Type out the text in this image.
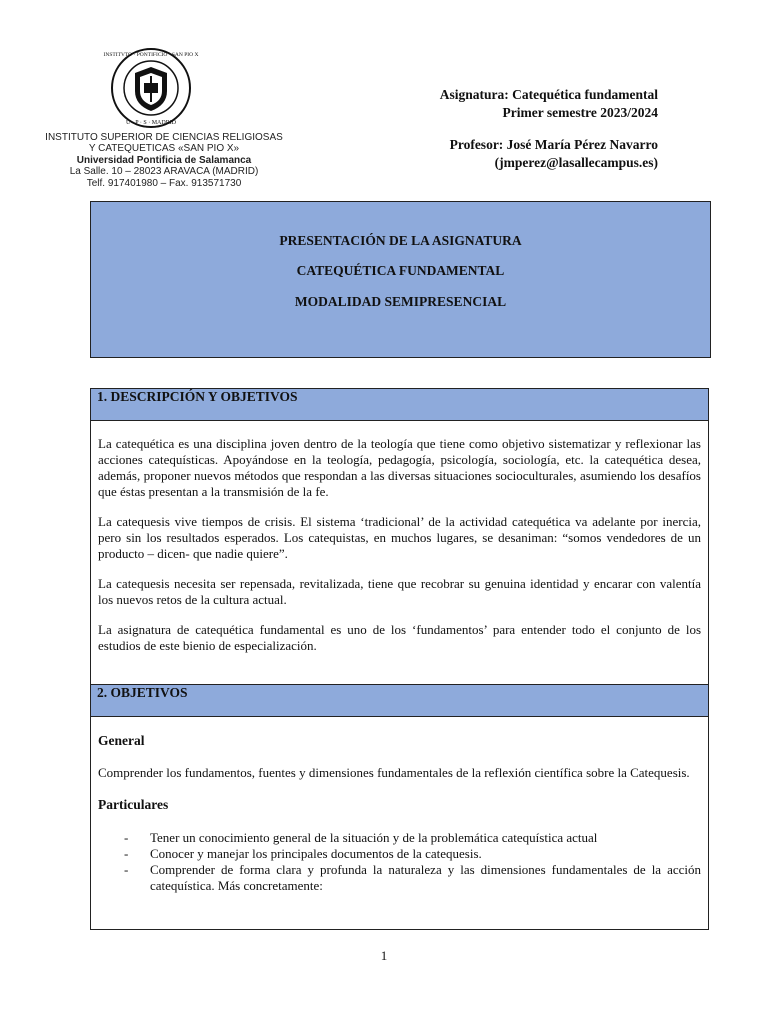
INSTITVTO · PONTIFICIO · SAN PIO X
U · P · S · MADRID
INSTITUTO SUPERIOR DE CIENCIAS RELIGIOSAS
Y CATEQUETICAS «SAN PIO X»
Universidad Pontificia de Salamanca
La Salle. 10 – 28023 ARAVACA (MADRID)
Telf. 917401980 – Fax. 913571730
Asignatura: Catequética fundamental
Primer semestre 2023/2024
Profesor: José María Pérez Navarro
(jmperez@lasallecampus.es)
PRESENTACIÓN DE LA ASIGNATURA
CATEQUÉTICA FUNDAMENTAL
MODALIDAD SEMIPRESENCIAL
1. DESCRIPCIÓN Y OBJETIVOS

La catequética es una disciplina joven dentro de la teología que tiene como objetivo sistematizar y reflexionar las acciones catequísticas. Apoyándose en la teología, pedagogía, psicología, sociología, etc. la catequética desea, además, proponer nuevos métodos que respondan a las diversas situaciones socioculturales, asumiendo los desafíos que éstas presentan a la transmisión de la fe.

La catequesis vive tiempos de crisis. El sistema ‘tradicional’ de la actividad catequética va adelante por inercia, pero sin los resultados esperados. Los catequistas, en muchos lugares, se desaniman: “somos vendedores de un producto – dicen- que nadie quiere”.

La catequesis necesita ser repensada, revitalizada, tiene que recobrar su genuina identidad y encarar con valentía los nuevos retos de la cultura actual.

La asignatura de catequética fundamental es uno de los ‘fundamentos’ para entender todo el conjunto de los estudios de este bienio de especialización.

2. OBJETIVOS
General

Comprender los fundamentos, fuentes y dimensiones fundamentales de la reflexión científica sobre la Catequesis.

Particulares
- Tener un conocimiento general de la situación y de la problemática catequística actual
- Conocer y manejar los principales documentos de la catequesis.
- Comprender de forma clara y profunda la naturaleza y las dimensiones fundamentales de la acción catequística. Más concretamente:
1
